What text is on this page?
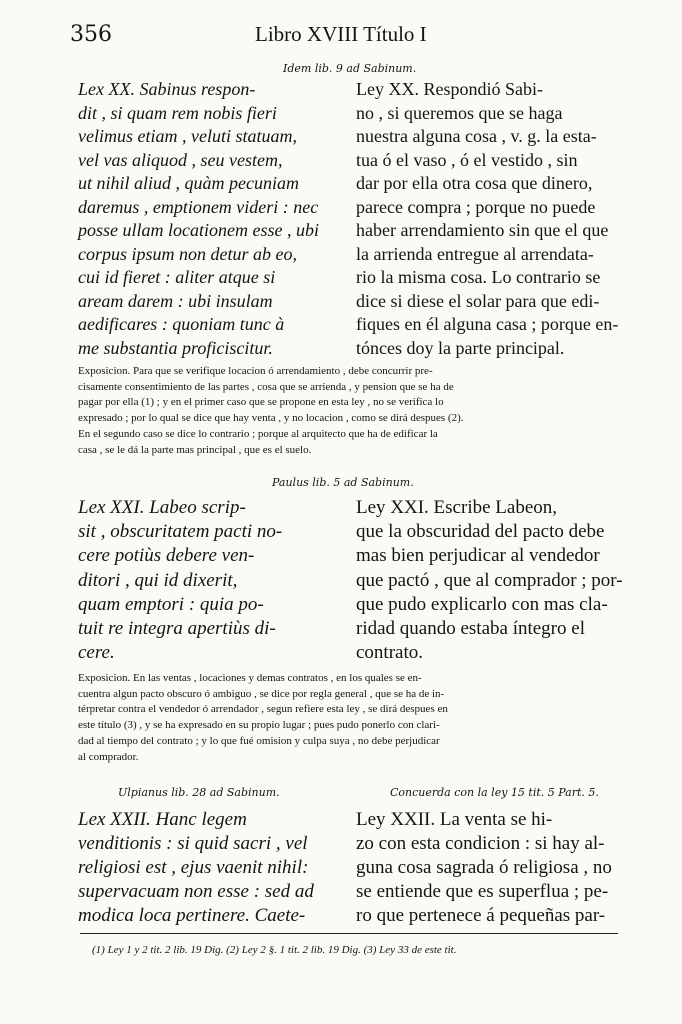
356	Libro XVIII Título I
Idem lib. 9 ad Sabinum.
Lex XX. Sabinus respon-
dit , si quam rem nobis fieri
velimus etiam , veluti statuam,
vel vas aliquod , seu vestem,
ut nihil aliud , quàm pecuniam
daremus , emptionem videri : nec
posse ullam locationem esse , ubi
corpus ipsum non detur ab eo,
cui id fieret : aliter atque si
aream darem : ubi insulam
aedificares : quoniam tunc à
me substantia proficiscitur.
Ley XX. Respondió Sabi-
no , si queremos que se haga
nuestra alguna cosa , v. g. la esta-
tua ó el vaso , ó el vestido , sin
dar por ella otra cosa que dinero,
parece compra ; porque no puede
haber arrendamiento sin que el que
la arrienda entregue al arrendata-
rio la misma cosa. Lo contrario se
dice si diese el solar para que edi-
fiques en él alguna casa ; porque en-
tónces doy la parte principal.
Exposicion. Para que se verifique locacion ó arrendamiento , debe concurrir pre-
cisamente consentimiento de las partes , cosa que se arrienda , y pension que se ha de
pagar por ella (1) ; y en el primer caso que se propone en esta ley , no se verifica lo
expresado ; por lo qual se dice que hay venta , y no locacion , como se dirá despues (2).
En el segundo caso se dice lo contrario ; porque al arquitecto que ha de edificar la
casa , se le dá la parte mas principal , que es el suelo.
Paulus lib. 5 ad Sabinum.
Lex XXI. Labeo scrip-
sit , obscuritatem pacti no-
cere potiùs debere ven-
ditori , qui id dixerit,
quam emptori : quia po-
tuit re integra apertiùs di-
cere.
Ley XXI. Escribe Labeon,
que la obscuridad del pacto debe
mas bien perjudicar al vendedor
que pactó , que al comprador ; por-
que pudo explicarlo con mas cla-
ridad quando estaba íntegro el
contrato.
Exposicion. En las ventas , locaciones y demas contratos , en los quales se en-
cuentra algun pacto obscuro ó ambiguo , se dice por regla general , que se ha de in-
térpretar contra el vendedor ó arrendador , segun refiere esta ley , se dirá despues en
este título (3) , y se ha expresado en su propio lugar ; pues pudo ponerlo con clari-
dad al tiempo del contrato ; y lo que fué omision y culpa suya , no debe perjudicar
al comprador.
Ulpianus lib. 28 ad Sabinum.	Concuerda con la ley 15 tit. 5 Part. 5.
Lex XXII. Hanc legem
venditionis : si quid sacri , vel
religiosi est , ejus vaenit nihil:
supervacuam non esse : sed ad
modica loca pertinere. Caete-
Ley XXII. La venta se hi-
zo con esta condicion : si hay al-
guna cosa sagrada ó religiosa , no
se entiende que es superflua ; pe-
ro que pertenece á pequeñas par-
(1) Ley 1 y 2 tit. 2 lib. 19 Dig. (2) Ley 2 §. 1 tit. 2 lib. 19 Dig. (3) Ley 33 de este tit.
